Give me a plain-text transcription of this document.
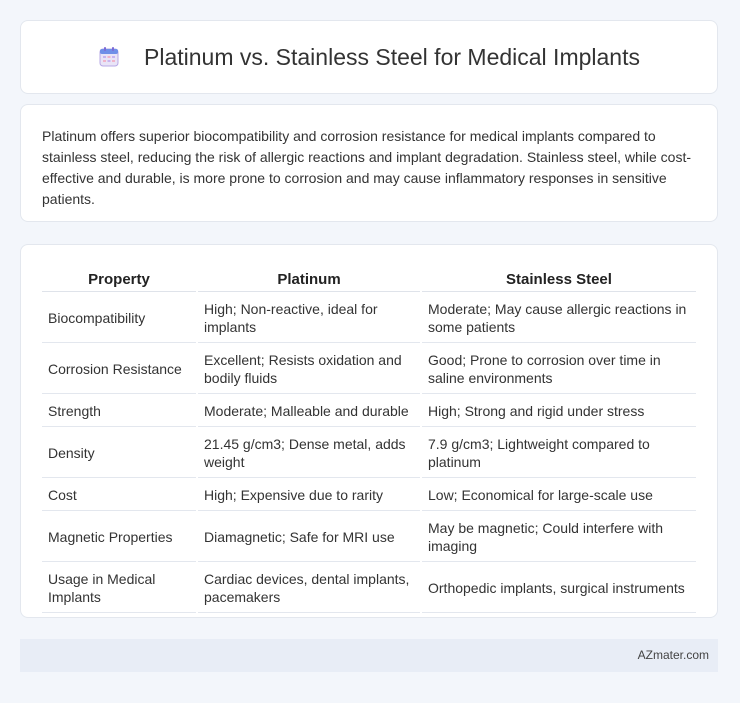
Platinum vs. Stainless Steel for Medical Implants

Platinum offers superior biocompatibility and corrosion resistance for medical implants compared to stainless steel, reducing the risk of allergic reactions and implant degradation. Stainless steel, while cost-effective and durable, is more prone to corrosion and may cause inflammatory responses in sensitive patients.

Property	Platinum	Stainless Steel
Biocompatibility	High; Non-reactive, ideal for implants	Moderate; May cause allergic reactions in some patients
Corrosion Resistance	Excellent; Resists oxidation and bodily fluids	Good; Prone to corrosion over time in saline environments
Strength	Moderate; Malleable and durable	High; Strong and rigid under stress
Density	21.45 g/cm3; Dense metal, adds weight	7.9 g/cm3; Lightweight compared to platinum
Cost	High; Expensive due to rarity	Low; Economical for large-scale use
Magnetic Properties	Diamagnetic; Safe for MRI use	May be magnetic; Could interfere with imaging
Usage in Medical Implants	Cardiac devices, dental implants, pacemakers	Orthopedic implants, surgical instruments
AZmater.com
